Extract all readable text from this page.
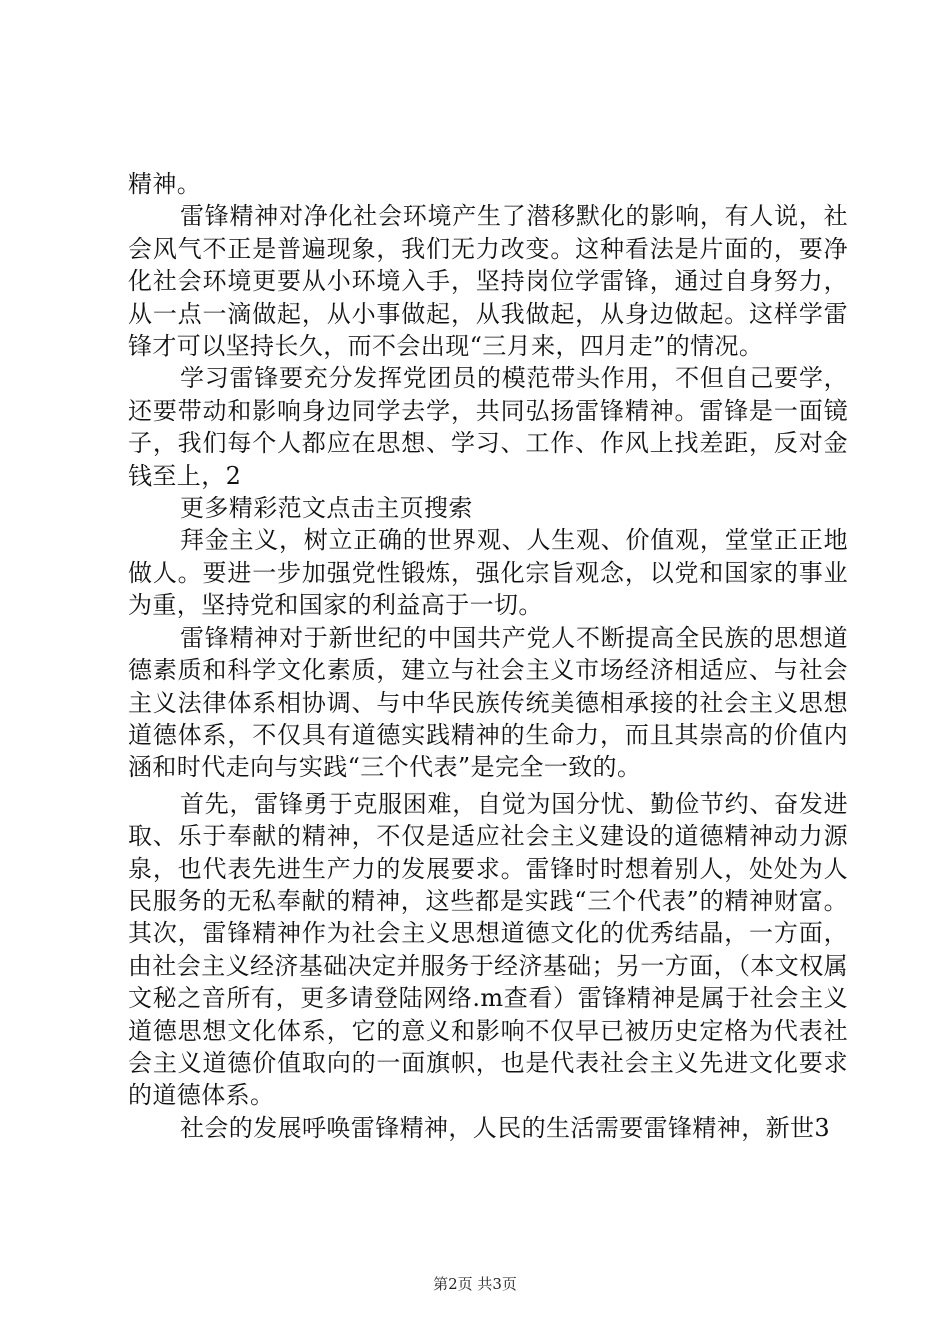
精神。

雷锋精神对净化社会环境产生了潜移默化的影响，有人说，社会风气不正是普遍现象，我们无力改变。这种看法是片面的，要净化社会环境更要从小环境入手，坚持岗位学雷锋，通过自身努力，从一点一滴做起，从小事做起，从我做起，从身边做起。这样学雷锋才可以坚持长久，而不会出现“三月来，四月走”的情况。

学习雷锋要充分发挥党团员的模范带头作用，不但自己要学，还要带动和影响身边同学去学，共同弘扬雷锋精神。雷锋是一面镜子，我们每个人都应在思想、学习、工作、作风上找差距，反对金钱至上，2

更多精彩范文点击主页搜索

拜金主义，树立正确的世界观、人生观、价值观，堂堂正正地做人。要进一步加强党性锻炼，强化宗旨观念，以党和国家的事业为重，坚持党和国家的利益高于一切。

雷锋精神对于新世纪的中国共产党人不断提高全民族的思想道德素质和科学文化素质，建立与社会主义市场经济相适应、与社会主义法律体系相协调、与中华民族传统美德相承接的社会主义思想道德体系，不仅具有道德实践精神的生命力，而且其崇高的价值内涵和时代走向与实践“三个代表”是完全一致的。

首先，雷锋勇于克服困难，自觉为国分忧、勤俭节约、奋发进取、乐于奉献的精神，不仅是适应社会主义建设的道德精神动力源泉，也代表先进生产力的发展要求。雷锋时时想着别人，处处为人民服务的无私奉献的精神，这些都是实践“三个代表”的精神财富。其次，雷锋精神作为社会主义思想道德文化的优秀结晶，一方面，由社会主义经济基础决定并服务于经济基础；另一方面，（本文权属文秘之音所有，更多请登陆网络.m查看）雷锋精神是属于社会主义道德思想文化体系，它的意义和影响不仅早已被历史定格为代表社会主义道德价值取向的一面旗帜，也是代表社会主义先进文化要求的道德体系。

社会的发展呼唤雷锋精神，人民的生活需要雷锋精神，新世3

第2页 共3页
